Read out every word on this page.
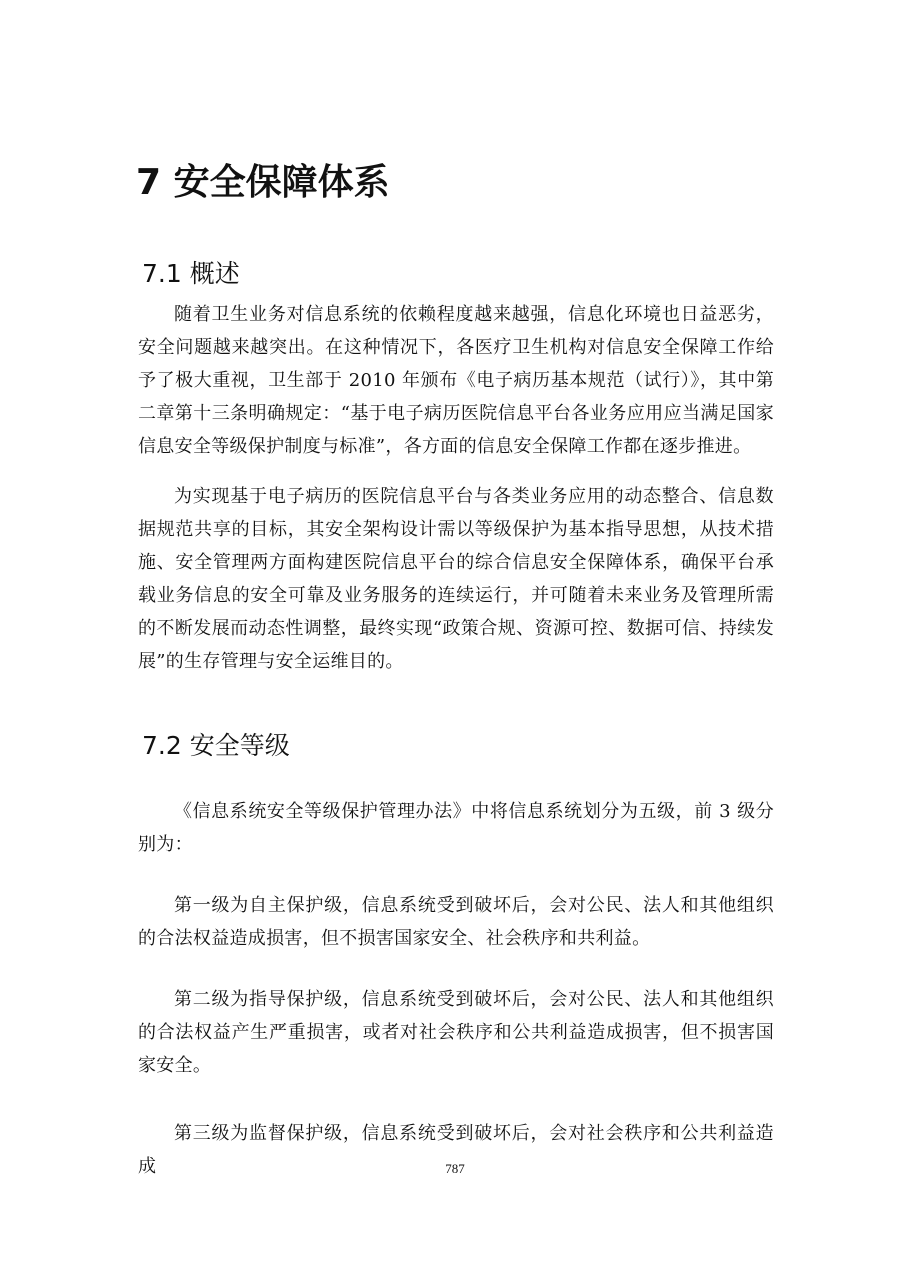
7 安全保障体系
7.1 概述

随着卫生业务对信息系统的依赖程度越来越强，信息化环境也日益恶劣，安全问题越来越突出。在这种情况下，各医疗卫生机构对信息安全保障工作给予了极大重视，卫生部于 2010 年颁布《电子病历基本规范（试行）》，其中第二章第十三条明确规定：“基于电子病历医院信息平台各业务应用应当满足国家信息安全等级保护制度与标准”，各方面的信息安全保障工作都在逐步推进。

为实现基于电子病历的医院信息平台与各类业务应用的动态整合、信息数据规范共享的目标，其安全架构设计需以等级保护为基本指导思想，从技术措施、安全管理两方面构建医院信息平台的综合信息安全保障体系，确保平台承载业务信息的安全可靠及业务服务的连续运行，并可随着未来业务及管理所需的不断发展而动态性调整，最终实现“政策合规、资源可控、数据可信、持续发展”的生存管理与安全运维目的。

7.2 安全等级

《信息系统安全等级保护管理办法》中将信息系统划分为五级，前 3 级分别为：

第一级为自主保护级，信息系统受到破坏后，会对公民、法人和其他组织的合法权益造成损害，但不损害国家安全、社会秩序和共利益。

第二级为指导保护级，信息系统受到破坏后，会对公民、法人和其他组织的合法权益产生严重损害，或者对社会秩序和公共利益造成损害，但不损害国家安全。

第三级为监督保护级，信息系统受到破坏后，会对社会秩序和公共利益造成	787
